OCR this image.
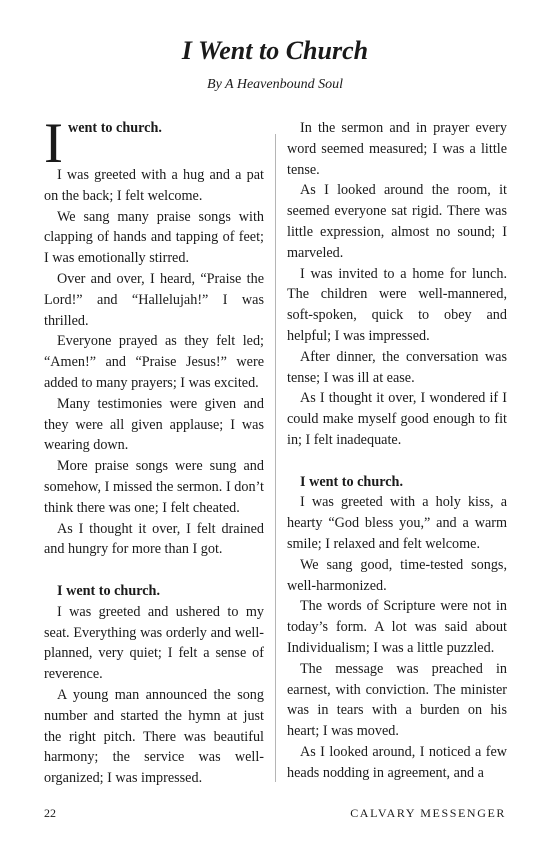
I Went to Church
By A Heavenbound Soul

Iwent to church.
I was greeted with a hug and a pat on the back; I felt welcome.

We sang many praise songs with clapping of hands and tapping of feet; I was emotionally stirred.

Over and over, I heard, “Praise the Lord!” and “Hallelujah!” I was thrilled.

Everyone prayed as they felt led; “Amen!” and “Praise Jesus!” were added to many prayers; I was excited.

Many testimonies were given and they were all given applause; I was wearing down.

More praise songs were sung and somehow, I missed the sermon. I don’t think there was one; I felt cheated.

As I thought it over, I felt drained and hungry for more than I got.

I went to church.

I was greeted and ushered to my seat. Everything was orderly and well-planned, very quiet; I felt a sense of reverence.

A young man announced the song number and started the hymn at just the right pitch. There was beautiful harmony; the service was well-organized; I was impressed.

In the sermon and in prayer every word seemed measured; I was a little tense.

As I looked around the room, it seemed everyone sat rigid. There was little expression, almost no sound; I marveled.

I was invited to a home for lunch. The children were well-mannered, soft-spoken, quick to obey and helpful; I was impressed.

After dinner, the conversation was tense; I was ill at ease.

As I thought it over, I wondered if I could make myself good enough to fit in; I felt inadequate.

I went to church.

I was greeted with a holy kiss, a hearty “God bless you,” and a warm smile; I relaxed and felt welcome.

We sang good, time-tested songs, well-harmonized.

The words of Scripture were not in today’s form. A lot was said about Individualism; I was a little puzzled.

The message was preached in earnest, with conviction. The minister was in tears with a burden on his heart; I was moved.

As I looked around, I noticed a few heads nodding in agreement, and a

22	CALVARY MESSENGER
